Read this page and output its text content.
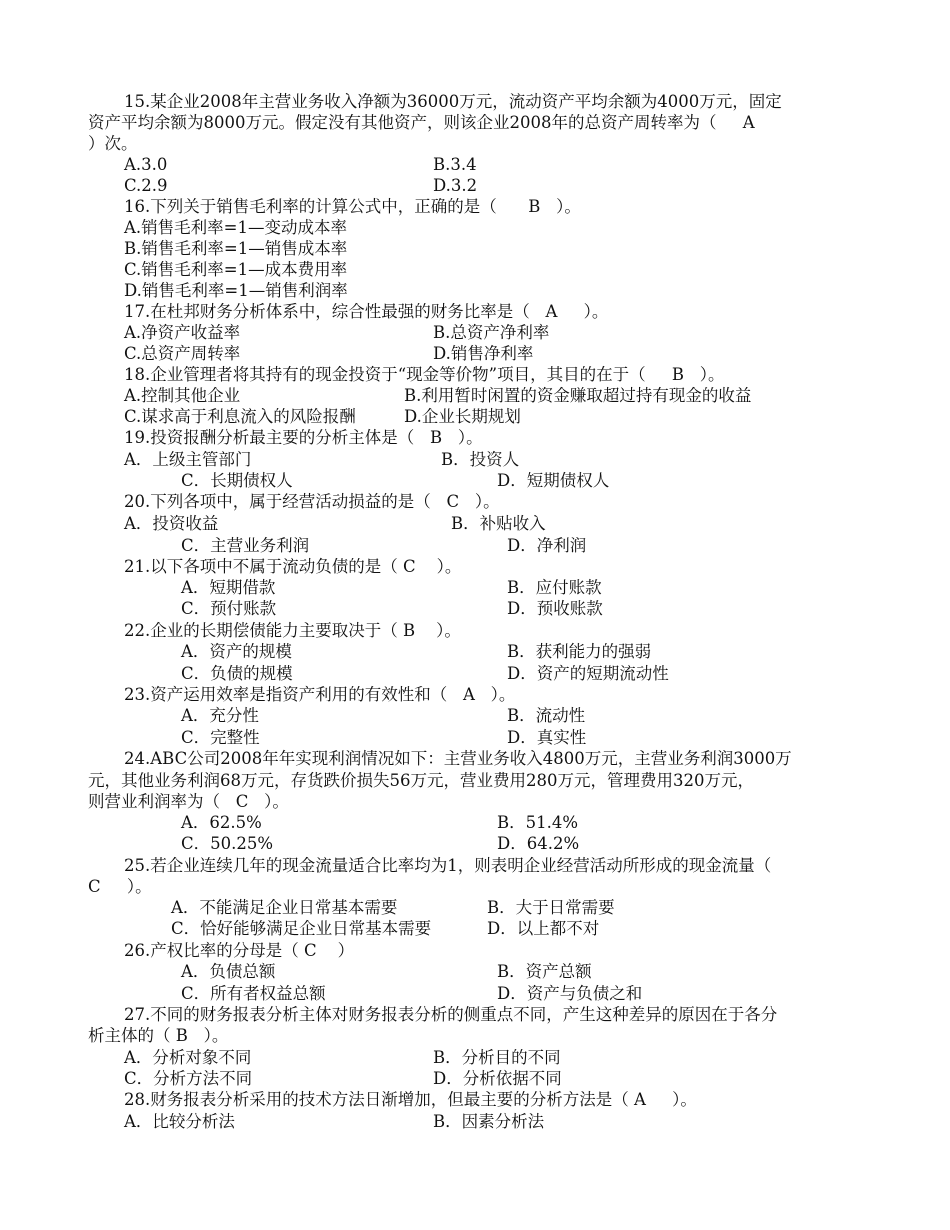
15.某企业2008年主营业务收入净额为36000万元，流动资产平均余额为4000万元，固定
资产平均余额为8000万元。假定没有其他资产，则该企业2008年的总资产周转率为（     A
）次。
A.3.0	B.3.4
C.2.9	D.3.2
16.下列关于销售毛利率的计算公式中，正确的是（      B   ）。
A.销售毛利率=1—变动成本率
B.销售毛利率=1—销售成本率
C.销售毛利率=1—成本费用率
D.销售毛利率=1—销售利润率
17.在杜邦财务分析体系中，综合性最强的财务比率是（   A     ）。
A.净资产收益率	B.总资产净利率
C.总资产周转率	D.销售净利率
18.企业管理者将其持有的现金投资于“现金等价物”项目，其目的在于（     B   ）。
A.控制其他企业	B.利用暂时闲置的资金赚取超过持有现金的收益
C.谋求高于利息流入的风险报酬	D.企业长期规划
19.投资报酬分析最主要的分析主体是（   B   ）。
A．上级主管部门	B．投资人
C．长期债权人	D．短期债权人
20.下列各项中，属于经营活动损益的是（   C   ）。
A．投资收益	B．补贴收入
C．主营业务利润	D．净利润
21.以下各项中不属于流动负债的是（ C    ）。
A．短期借款	B．应付账款
C．预付账款	D．预收账款
22.企业的长期偿债能力主要取决于（ B    ）。
A．资产的规模	B．获利能力的强弱
C．负债的规模	D．资产的短期流动性
23.资产运用效率是指资产利用的有效性和（   A   ）。
A．充分性	B．流动性
C．完整性	D．真实性
24.ABC公司2008年年实现利润情况如下：主营业务收入4800万元，主营业务利润3000万
元，其他业务利润68万元，存货跌价损失56万元，营业费用280万元，管理费用320万元，
则营业利润率为（   C   ）。
A．62.5%	B．51.4%
C．50.25%	D．64.2%
25.若企业连续几年的现金流量适合比率均为1，则表明企业经营活动所形成的现金流量（
C     ）。
A．不能满足企业日常基本需要	B．大于日常需要
C．恰好能够满足企业日常基本需要	D．以上都不对
26.产权比率的分母是（ C    ）
A．负债总额	B．资产总额
C．所有者权益总额	D．资产与负债之和
27.不同的财务报表分析主体对财务报表分析的侧重点不同，产生这种差异的原因在于各分
析主体的（ B   ）。
A．分析对象不同	B．分析目的不同
C．分析方法不同	D．分析依据不同
28.财务报表分析采用的技术方法日渐增加，但最主要的分析方法是（ A     ）。
A．比较分析法	B．因素分析法
